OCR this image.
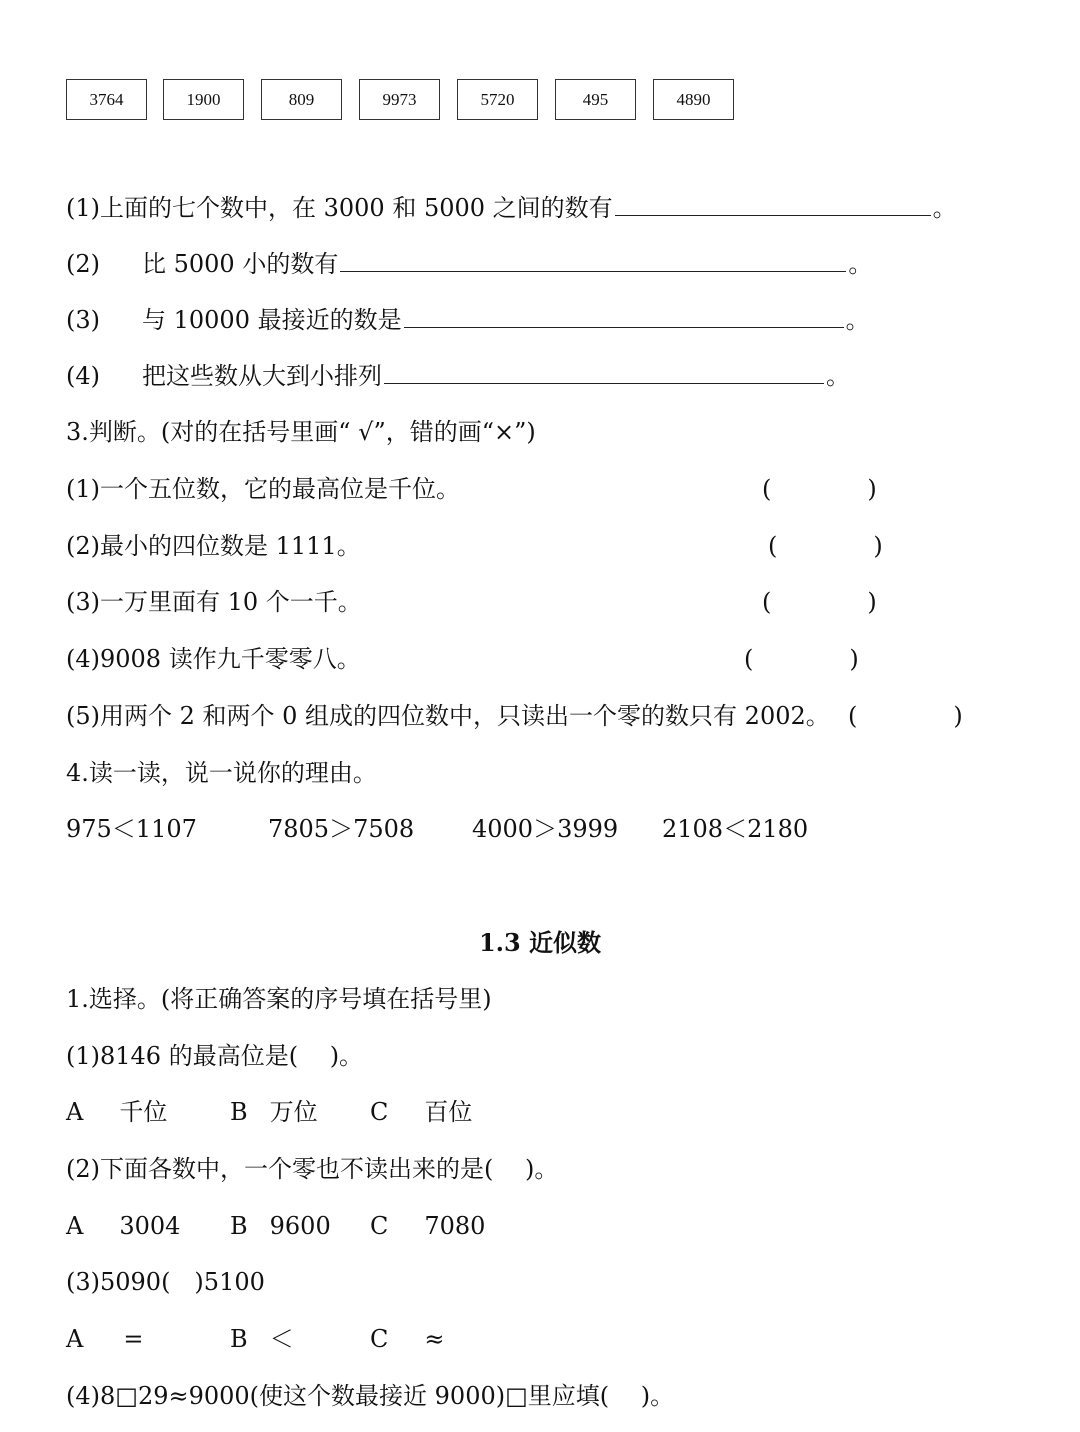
3764	1900	809	9973	5720	495	4890
(1)上面的七个数中，在 3000 和 5000 之间的数有	。
(2) 比 5000 小的数有	。
(3) 与 10000 最接近的数是	。
(4) 把这些数从大到小排列	。
3.判断。(对的在括号里画“ √”，错的画“×”)
(1)一个五位数，它的最高位是千位。	(　　　　)
(2)最小的四位数是 1111。	(　　　　)
(3)一万里面有 10 个一千。	(　　　　)
(4)9008 读作九千零零八。	(　　　　)
(5)用两个 2 和两个 0 组成的四位数中，只读出一个零的数只有 2002。 (　　　　)
4.读一读，说一说你的理由。
975＜1107	7805＞7508 4000＞3999 2108＜2180
1.3 近似数
1.选择。(将正确答案的序号填在括号里)
(1)8146 的最高位是(　 )。
A 千位	B 万位 C 百位
(2)下面各数中，一个零也不读出来的是(　 )。
A 3004 B 9600 C 7080
(3)5090(　)5100
A =	B ＜	C ≈
(4)8□29≈9000(使这个数最接近 9000)□里应填(　 )。
